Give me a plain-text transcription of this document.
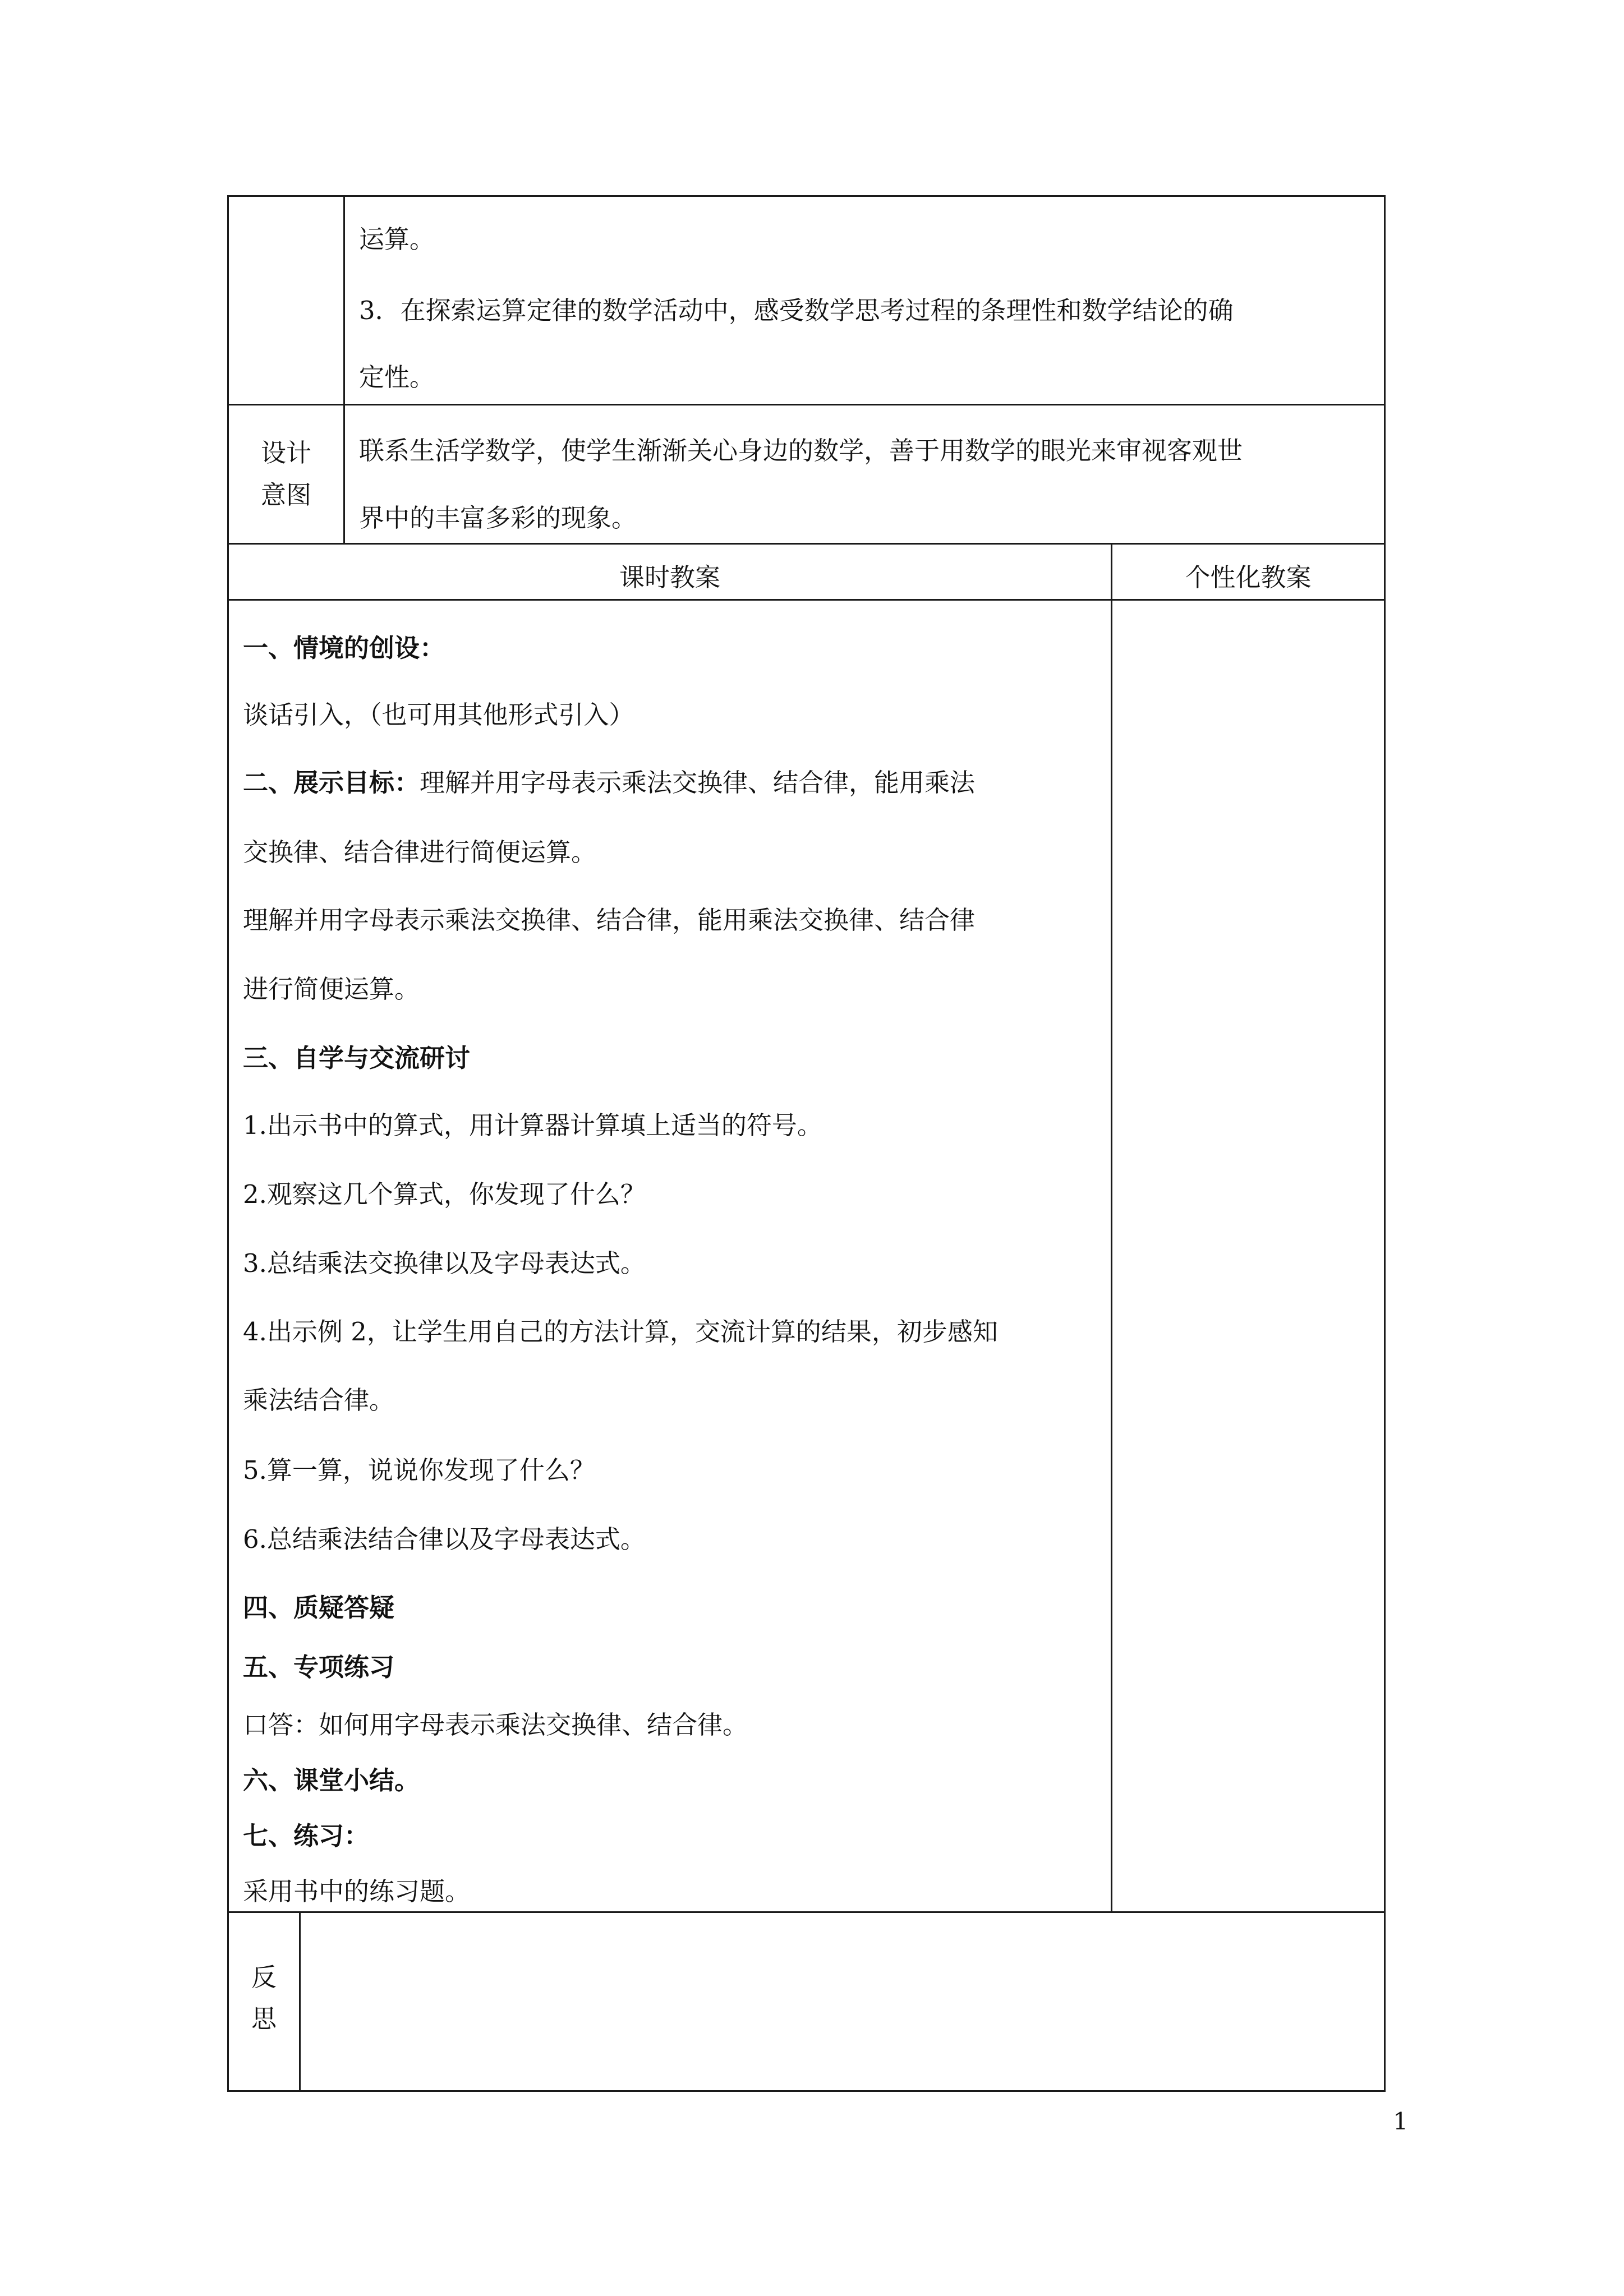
运算。
3．在探索运算定律的数学活动中，感受数学思考过程的条理性和数学结论的确
定性。
设计
意图
联系生活学数学，使学生渐渐关心身边的数学，善于用数学的眼光来审视客观世
界中的丰富多彩的现象。
课时教案	个性化教案
一、情境的创设：
谈话引入，（也可用其他形式引入）
二、展示目标：理解并用字母表示乘法交换律、结合律，能用乘法
交换律、结合律进行简便运算。
理解并用字母表示乘法交换律、结合律，能用乘法交换律、结合律
进行简便运算。
三、自学与交流研讨
1.出示书中的算式，用计算器计算填上适当的符号。
2.观察这几个算式，你发现了什么？
3.总结乘法交换律以及字母表达式。
4.出示例 2，让学生用自己的方法计算，交流计算的结果，初步感知
乘法结合律。
5.算一算，说说你发现了什么？
6.总结乘法结合律以及字母表达式。
四、质疑答疑
五、专项练习
口答：如何用字母表示乘法交换律、结合律。
六、课堂小结。
七、练习：
采用书中的练习题。
反
思
1
